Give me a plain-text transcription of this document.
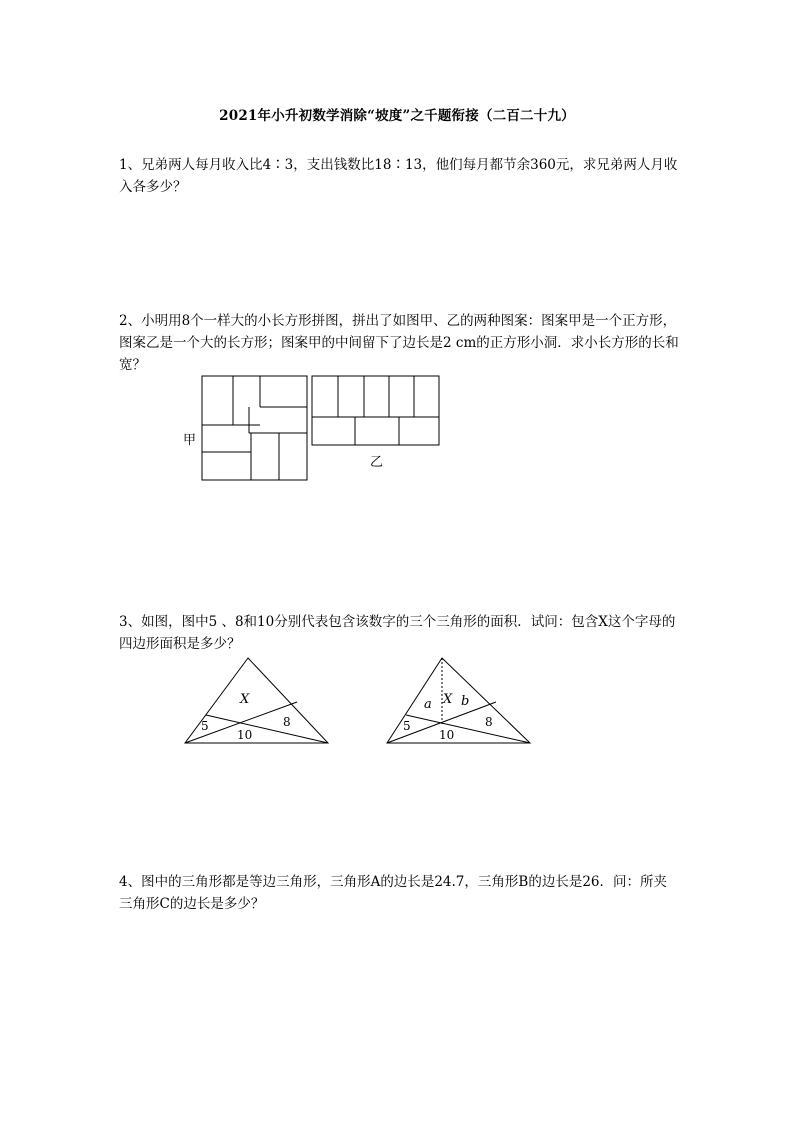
2021年小升初数学消除“坡度”之千题衔接（二百二十九）
1、兄弟两人每月收入比4∶3，支出钱数比18∶13，他们每月都节余360元，求兄弟两人月收入各多少？
2、小明用8个一样大的小长方形拼图，拼出了如图甲、乙的两种图案：图案甲是一个正方形，图案乙是一个大的长方形；图案甲的中间留下了边长是2 cm的正方形小洞．求小长方形的长和宽？
甲
乙
3、如图，图中5 、8和10分别代表包含该数字的三个三角形的面积．试问：包含X这个字母的四边形面积是多少？
X
5	8
10
a X b
5	8
10
4、图中的三角形都是等边三角形，三角形A的边长是24.7，三角形B的边长是26．问：所夹三角形C的边长是多少？
